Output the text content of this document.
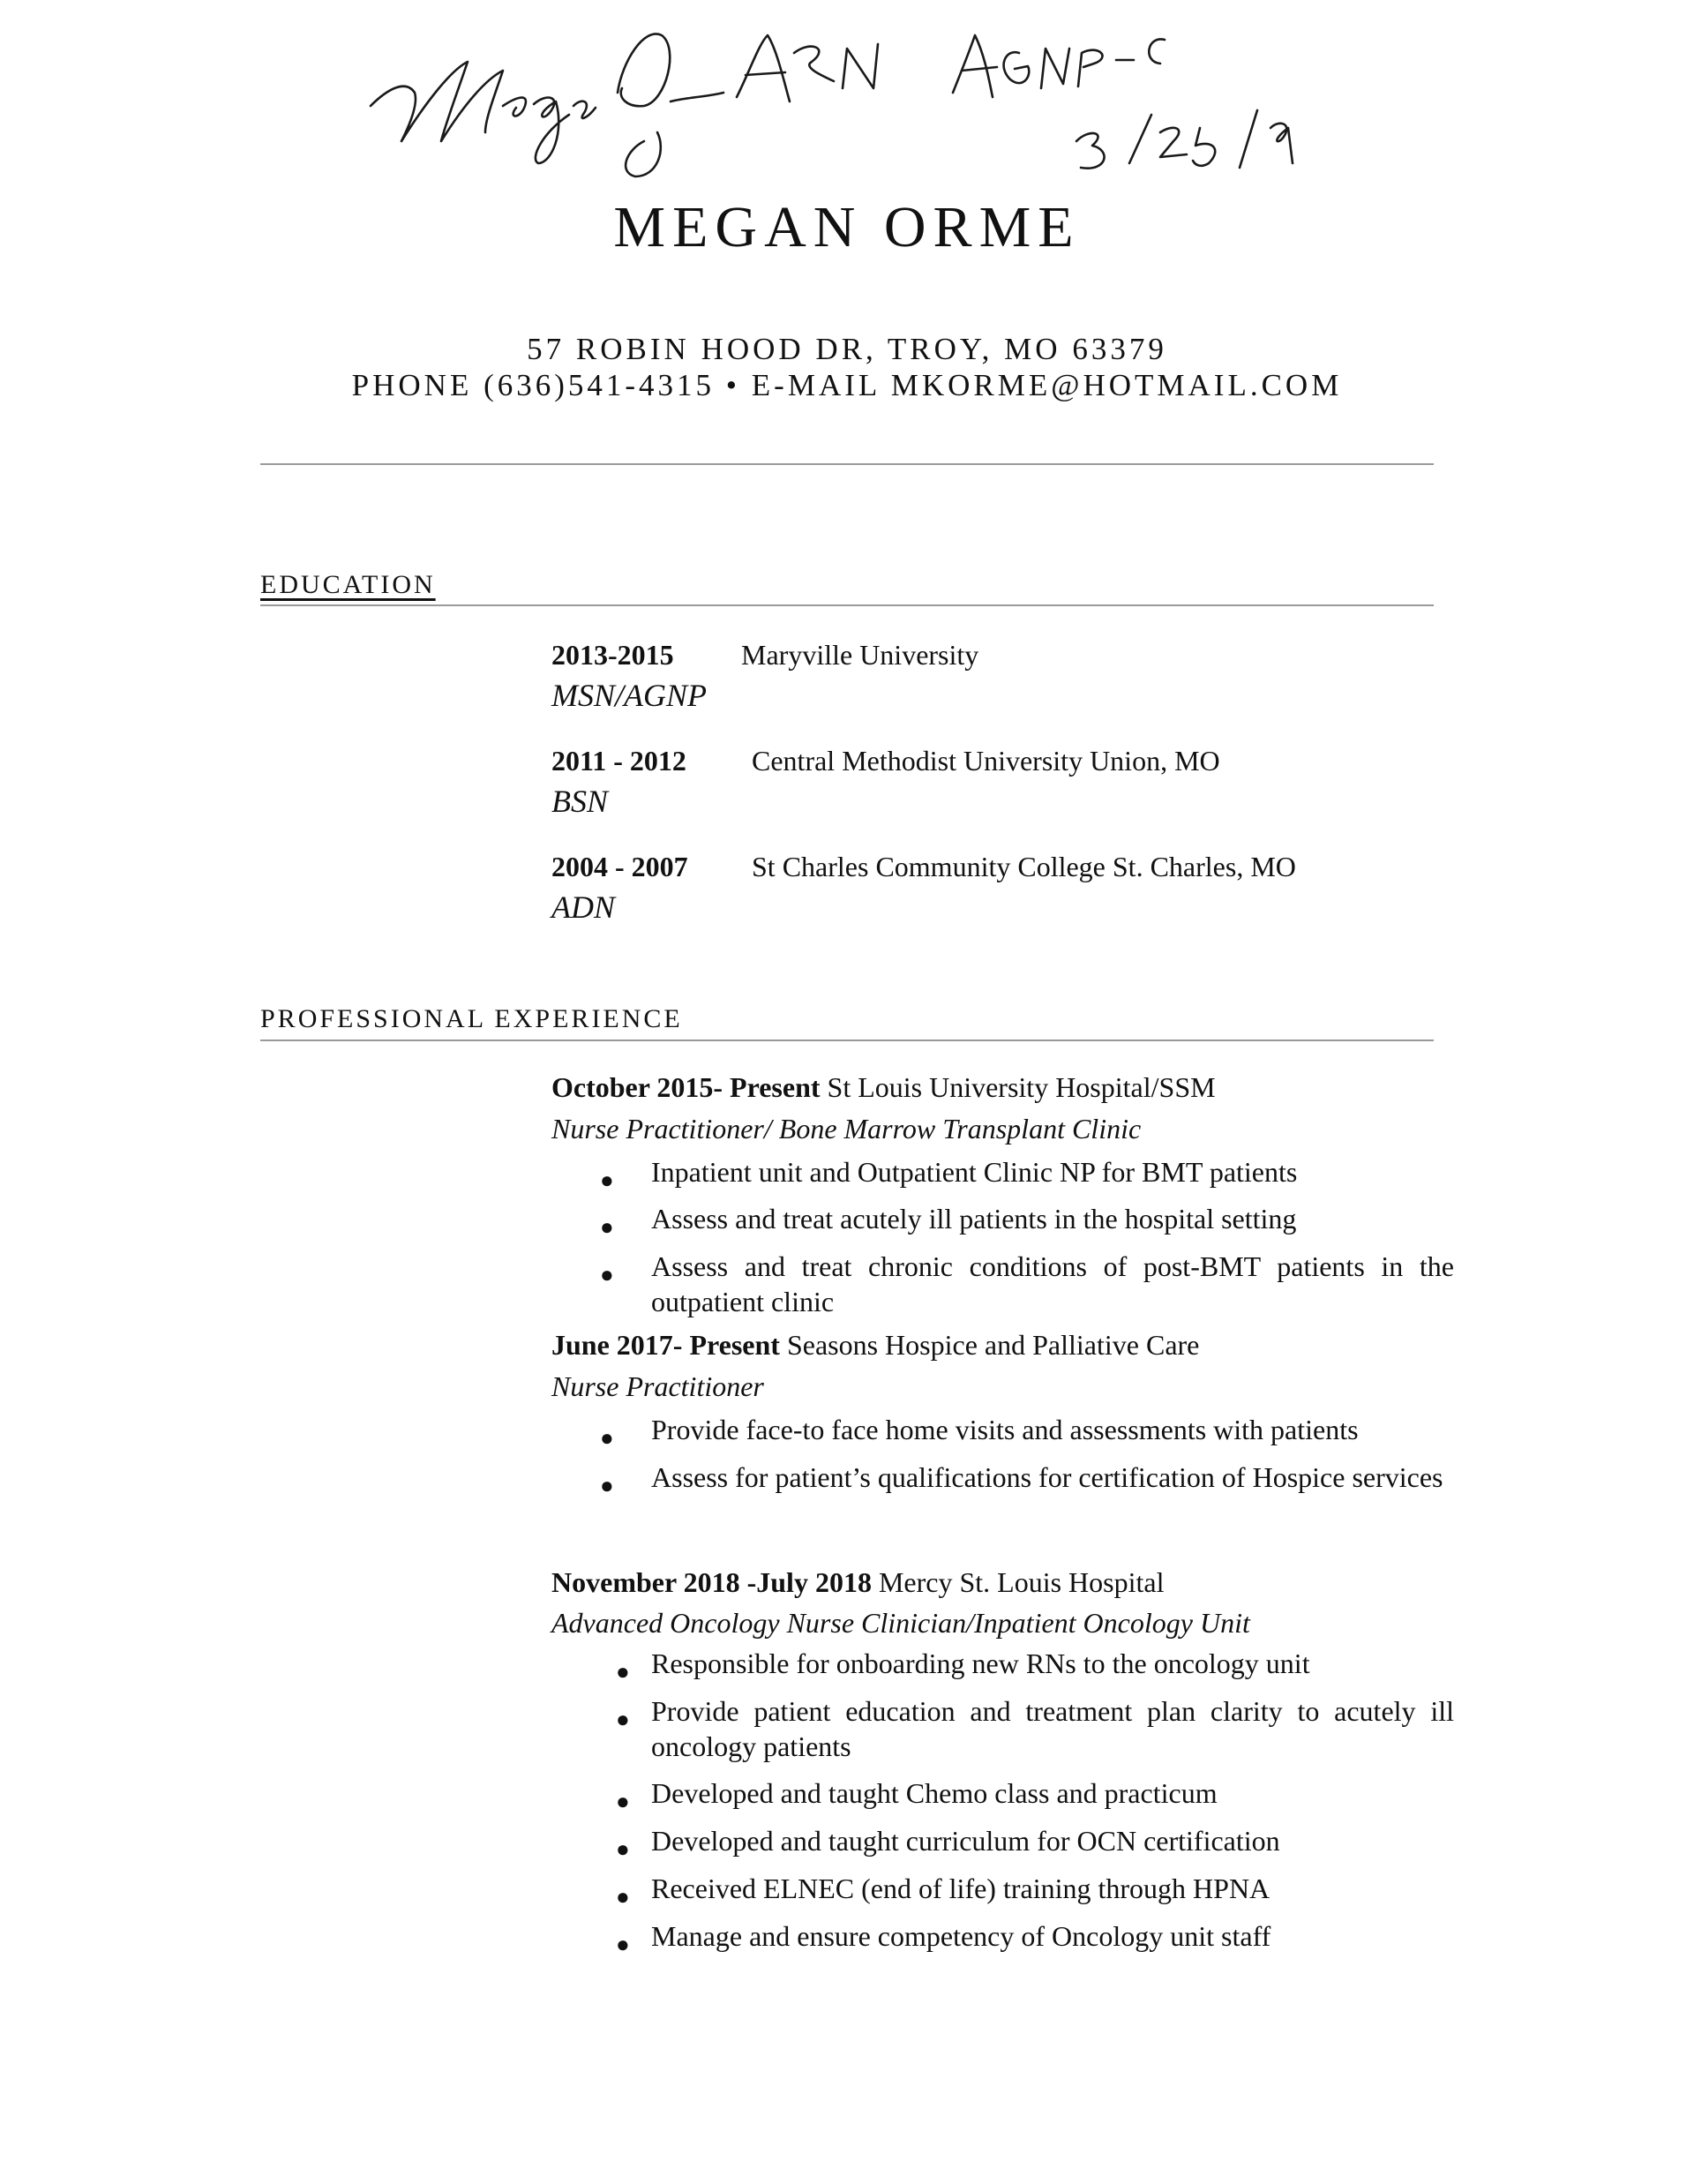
MEGAN ORME
57 ROBIN HOOD DR, TROY, MO 63379
PHONE (636)541-4315 • E-MAIL MKORME@HOTMAIL.COM
EDUCATION
2013-2015 Maryville University
MSN/AGNP
2011 - 2012 Central Methodist University Union, MO
BSN
2004 - 2007 St Charles Community College St. Charles, MO
ADN
PROFESSIONAL EXPERIENCE
October 2015- Present St Louis University Hospital/SSM
Nurse Practitioner/ Bone Marrow Transplant Clinic
● Inpatient unit and Outpatient Clinic NP for BMT patients
● Assess and treat acutely ill patients in the hospital setting
● Assess and treat chronic conditions of post-BMT patients in the outpatient clinic
June 2017- Present Seasons Hospice and Palliative Care
Nurse Practitioner
● Provide face-to face home visits and assessments with patients
● Assess for patient’s qualifications for certification of Hospice services
November 2018 -July 2018 Mercy St. Louis Hospital
Advanced Oncology Nurse Clinician/Inpatient Oncology Unit
● Responsible for onboarding new RNs to the oncology unit
● Provide patient education and treatment plan clarity to acutely ill oncology patients
● Developed and taught Chemo class and practicum
● Developed and taught curriculum for OCN certification
● Received ELNEC (end of life) training through HPNA
● Manage and ensure competency of Oncology unit staff
